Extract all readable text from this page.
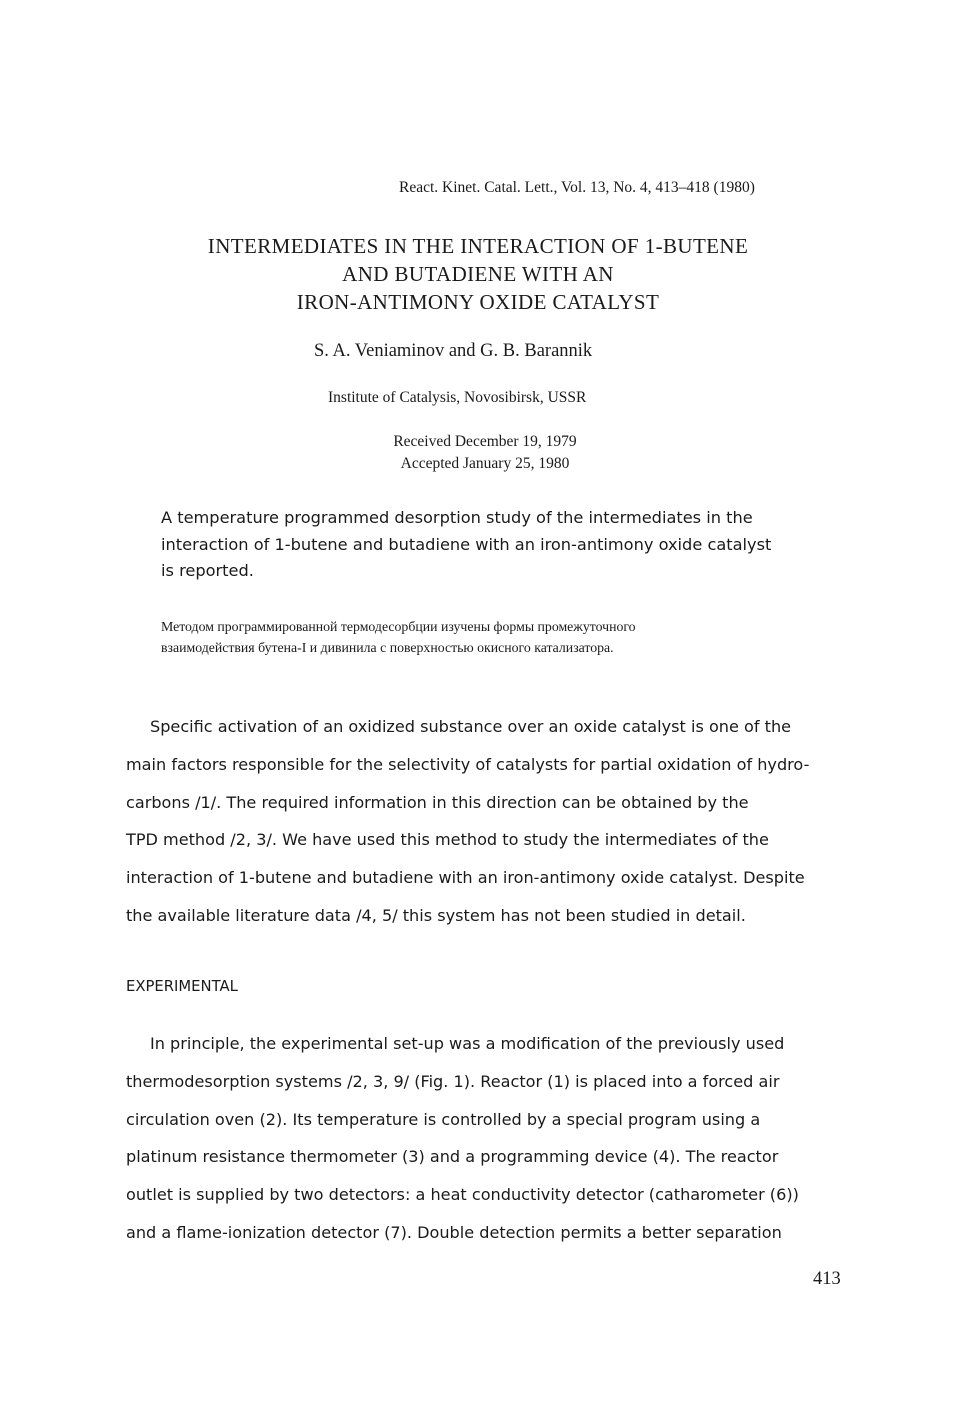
React. Kinet. Catal. Lett., Vol. 13, No. 4, 413–418 (1980)
INTERMEDIATES IN THE INTERACTION OF 1-BUTENE
AND BUTADIENE WITH AN
IRON-ANTIMONY OXIDE CATALYST
S. A. Veniaminov and G. B. Barannik
Institute of Catalysis, Novosibirsk, USSR
Received December 19, 1979
Accepted January 25, 1980
A temperature programmed desorption study of the intermediates in the
interaction of 1-butene and butadiene with an iron-antimony oxide catalyst
is reported.
Методом программированной термодесорбции изучены формы промежуточного
взаимодействия бутена-I и дивинила с поверхностью окисного катализатора.
Specific activation of an oxidized substance over an oxide catalyst is one of the
main factors responsible for the selectivity of catalysts for partial oxidation of hydro-
carbons /1/. The required information in this direction can be obtained by the
TPD method /2, 3/. We have used this method to study the intermediates of the
interaction of 1-butene and butadiene with an iron-antimony oxide catalyst. Despite
the available literature data /4, 5/ this system has not been studied in detail.
EXPERIMENTAL
In principle, the experimental set-up was a modification of the previously used
thermodesorption systems /2, 3, 9/ (Fig. 1). Reactor (1) is placed into a forced air
circulation oven (2). Its temperature is controlled by a special program using a
platinum resistance thermometer (3) and a programming device (4). The reactor
outlet is supplied by two detectors: a heat conductivity detector (catharometer (6))
and a flame-ionization detector (7). Double detection permits a better separation
413
